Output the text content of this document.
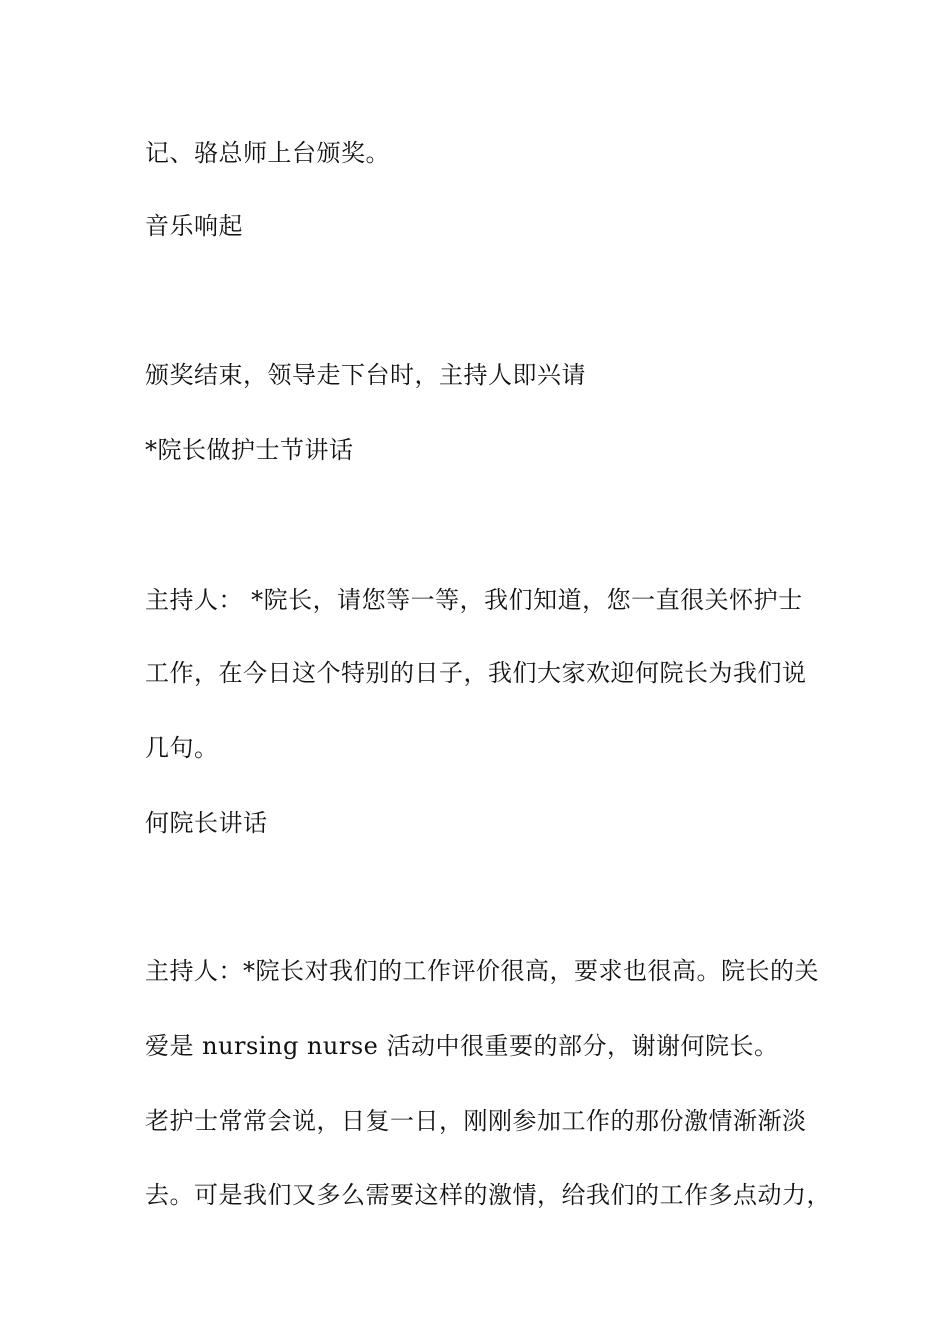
记、骆总师上台颁奖。
音乐响起
颁奖结束，领导走下台时，主持人即兴请
*院长做护士节讲话
主持人： *院长，请您等一等，我们知道，您一直很关怀护士
工作，在今日这个特别的日子，我们大家欢迎何院长为我们说
几句。
何院长讲话
主持人：*院长对我们的工作评价很高，要求也很高。院长的关
爱是 nursing nurse 活动中很重要的部分，谢谢何院长。
老护士常常会说，日复一日，刚刚参加工作的那份激情渐渐淡
去。可是我们又多么需要这样的激情，给我们的工作多点动力，
